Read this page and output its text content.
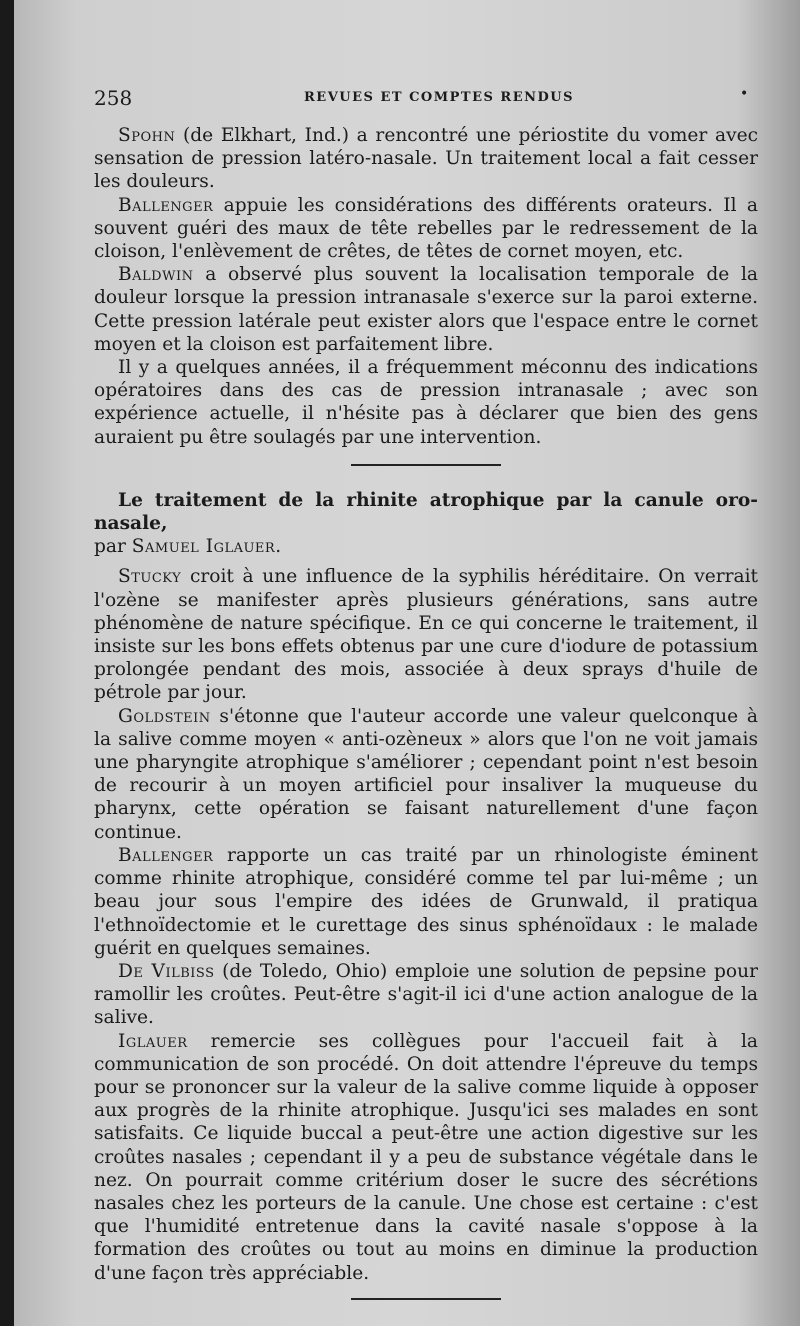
258	REVUES ET COMPTES RENDUS	•

Spohn (de Elkhart, Ind.) a rencontré une périostite du vomer avec sensation de pression latéro-nasale. Un traitement local a fait cesser les douleurs.

Ballenger appuie les considérations des différents orateurs. Il a souvent guéri des maux de tête rebelles par le redressement de la cloison, l'enlèvement de crêtes, de têtes de cornet moyen, etc.

Baldwin a observé plus souvent la localisation temporale de la douleur lorsque la pression intranasale s'exerce sur la paroi externe. Cette pression latérale peut exister alors que l'espace entre le cornet moyen et la cloison est parfaitement libre.

Il y a quelques années, il a fréquemment méconnu des indications opératoires dans des cas de pression intranasale ; avec son expérience actuelle, il n'hésite pas à déclarer que bien des gens auraient pu être soulagés par une intervention.

Le traitement de la rhinite atrophique par la canule oro-nasale,

par Samuel Iglauer.

Stucky croit à une influence de la syphilis héréditaire. On verrait l'ozène se manifester après plusieurs générations, sans autre phénomène de nature spécifique. En ce qui concerne le traitement, il insiste sur les bons effets obtenus par une cure d'iodure de potassium prolongée pendant des mois, associée à deux sprays d'huile de pétrole par jour.

Goldstein s'étonne que l'auteur accorde une valeur quelconque à la salive comme moyen « anti-ozèneux » alors que l'on ne voit jamais une pharyngite atrophique s'améliorer ; cependant point n'est besoin de recourir à un moyen artificiel pour insaliver la muqueuse du pharynx, cette opération se faisant naturellement d'une façon continue.

Ballenger rapporte un cas traité par un rhinologiste éminent comme rhinite atrophique, considéré comme tel par lui-même ; un beau jour sous l'empire des idées de Grunwald, il pratiqua l'ethnoïdectomie et le curettage des sinus sphénoïdaux : le malade guérit en quelques semaines.

De Vilbiss (de Toledo, Ohio) emploie une solution de pepsine pour ramollir les croûtes. Peut-être s'agit-il ici d'une action analogue de la salive.

Iglauer remercie ses collègues pour l'accueil fait à la communication de son procédé. On doit attendre l'épreuve du temps pour se prononcer sur la valeur de la salive comme liquide à opposer aux progrès de la rhinite atrophique. Jusqu'ici ses malades en sont satisfaits. Ce liquide buccal a peut-être une action digestive sur les croûtes nasales ; cependant il y a peu de substance végétale dans le nez. On pourrait comme critérium doser le sucre des sécrétions nasales chez les porteurs de la canule. Une chose est certaine : c'est que l'humidité entretenue dans la cavité nasale s'oppose à la formation des croûtes ou tout au moins en diminue la production d'une façon très appréciable.
